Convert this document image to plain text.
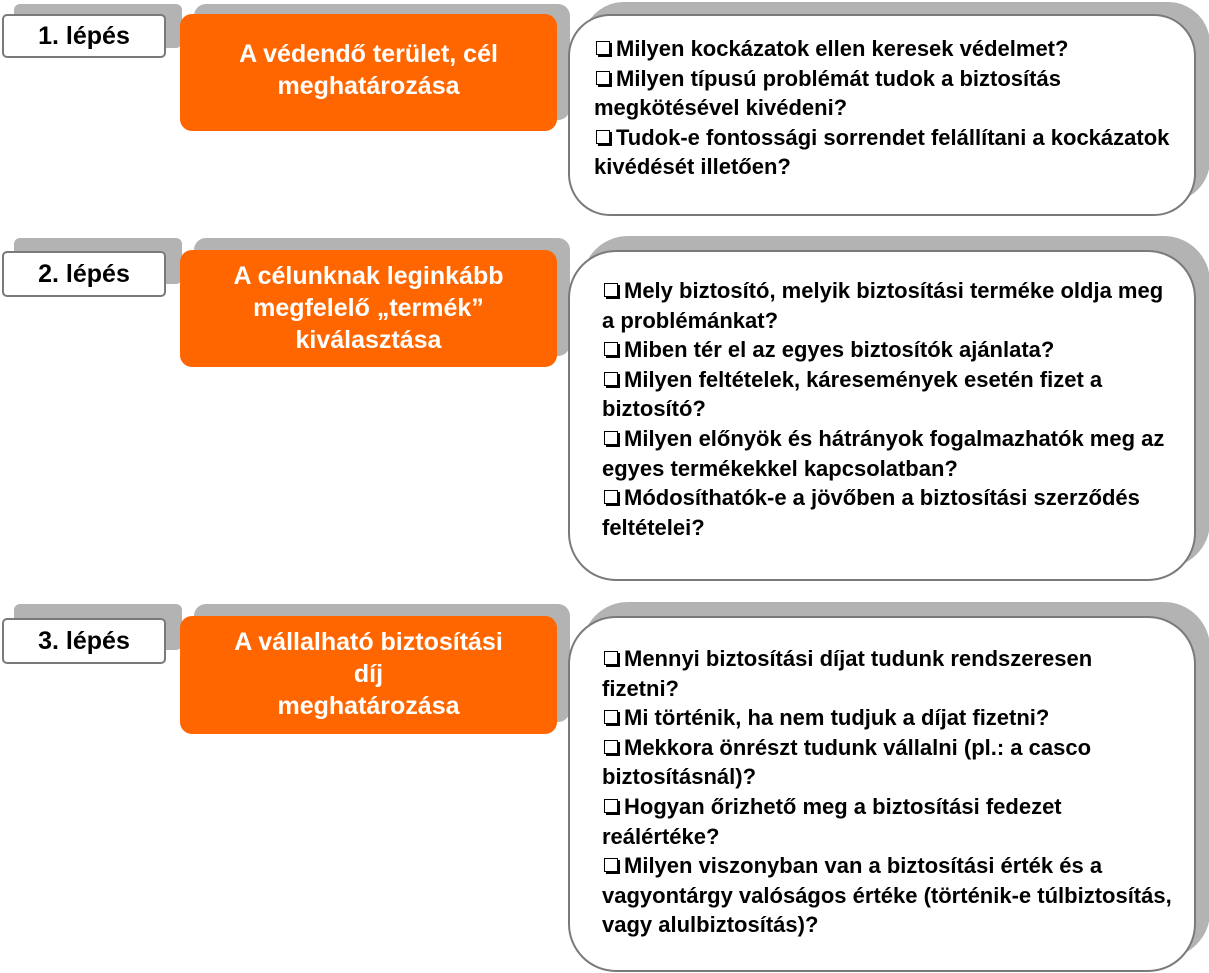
1. lépés
A védendő terület, cél
meghatározása
Milyen kockázatok ellen keresek védelmet?
Milyen típusú problémát tudok a biztosítás megkötésével kivédeni?
Tudok-e fontossági sorrendet felállítani a kockázatok kivédését illetően?
2. lépés	A célunknak leginkább
megfelelő „termék”
kiválasztása
Mely biztosító, melyik biztosítási terméke oldja meg a problémánkat?
Miben tér el az egyes biztosítók ajánlata?
Milyen feltételek, káresemények esetén fizet a biztosító?
Milyen előnyök és hátrányok fogalmazhatók meg az egyes termékekkel kapcsolatban?
Módosíthatók-e a jövőben a biztosítási szerződés feltételei?
3. lépés	A vállalható biztosítási
díj
meghatározása
Mennyi biztosítási díjat tudunk rendszeresen fizetni?
Mi történik, ha nem tudjuk a díjat fizetni?
Mekkora önrészt tudunk vállalni (pl.: a casco biztosításnál)?
Hogyan őrizhető meg a biztosítási fedezet reálértéke?
Milyen viszonyban van a biztosítási érték és a vagyontárgy valóságos értéke (történik-e túlbiztosítás, vagy alulbiztosítás)?
